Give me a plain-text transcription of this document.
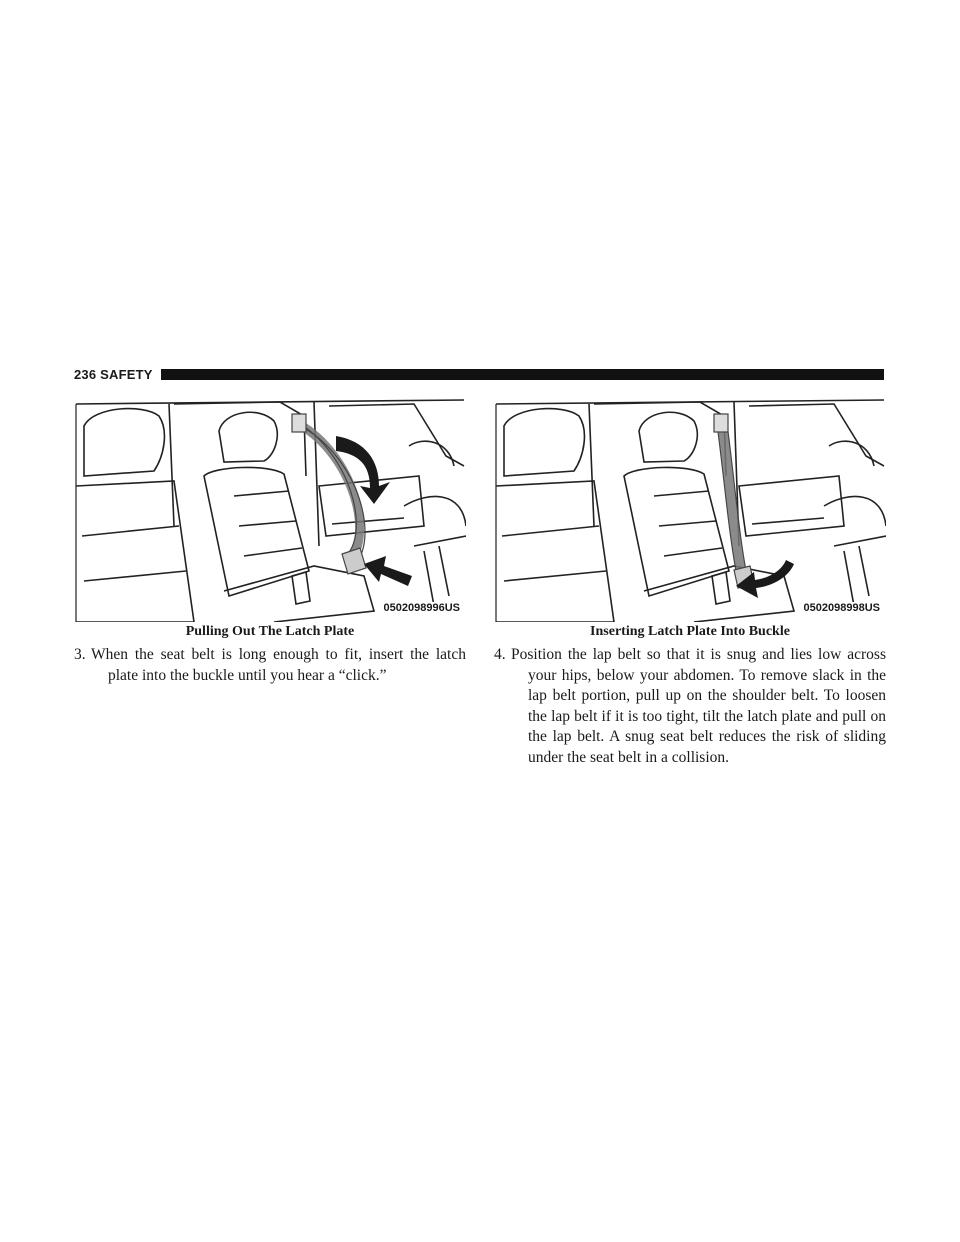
236 SAFETY
0502098996US
Pulling Out The Latch Plate
0502098998US
Inserting Latch Plate Into Buckle
3. When the seat belt is long enough to fit, insert the latch plate into the buckle until you hear a “click.”
4. Position the lap belt so that it is snug and lies low across your hips, below your abdomen. To remove slack in the lap belt portion, pull up on the shoulder belt. To loosen the lap belt if it is too tight, tilt the latch plate and pull on the lap belt. A snug seat belt reduces the risk of sliding under the seat belt in a collision.
